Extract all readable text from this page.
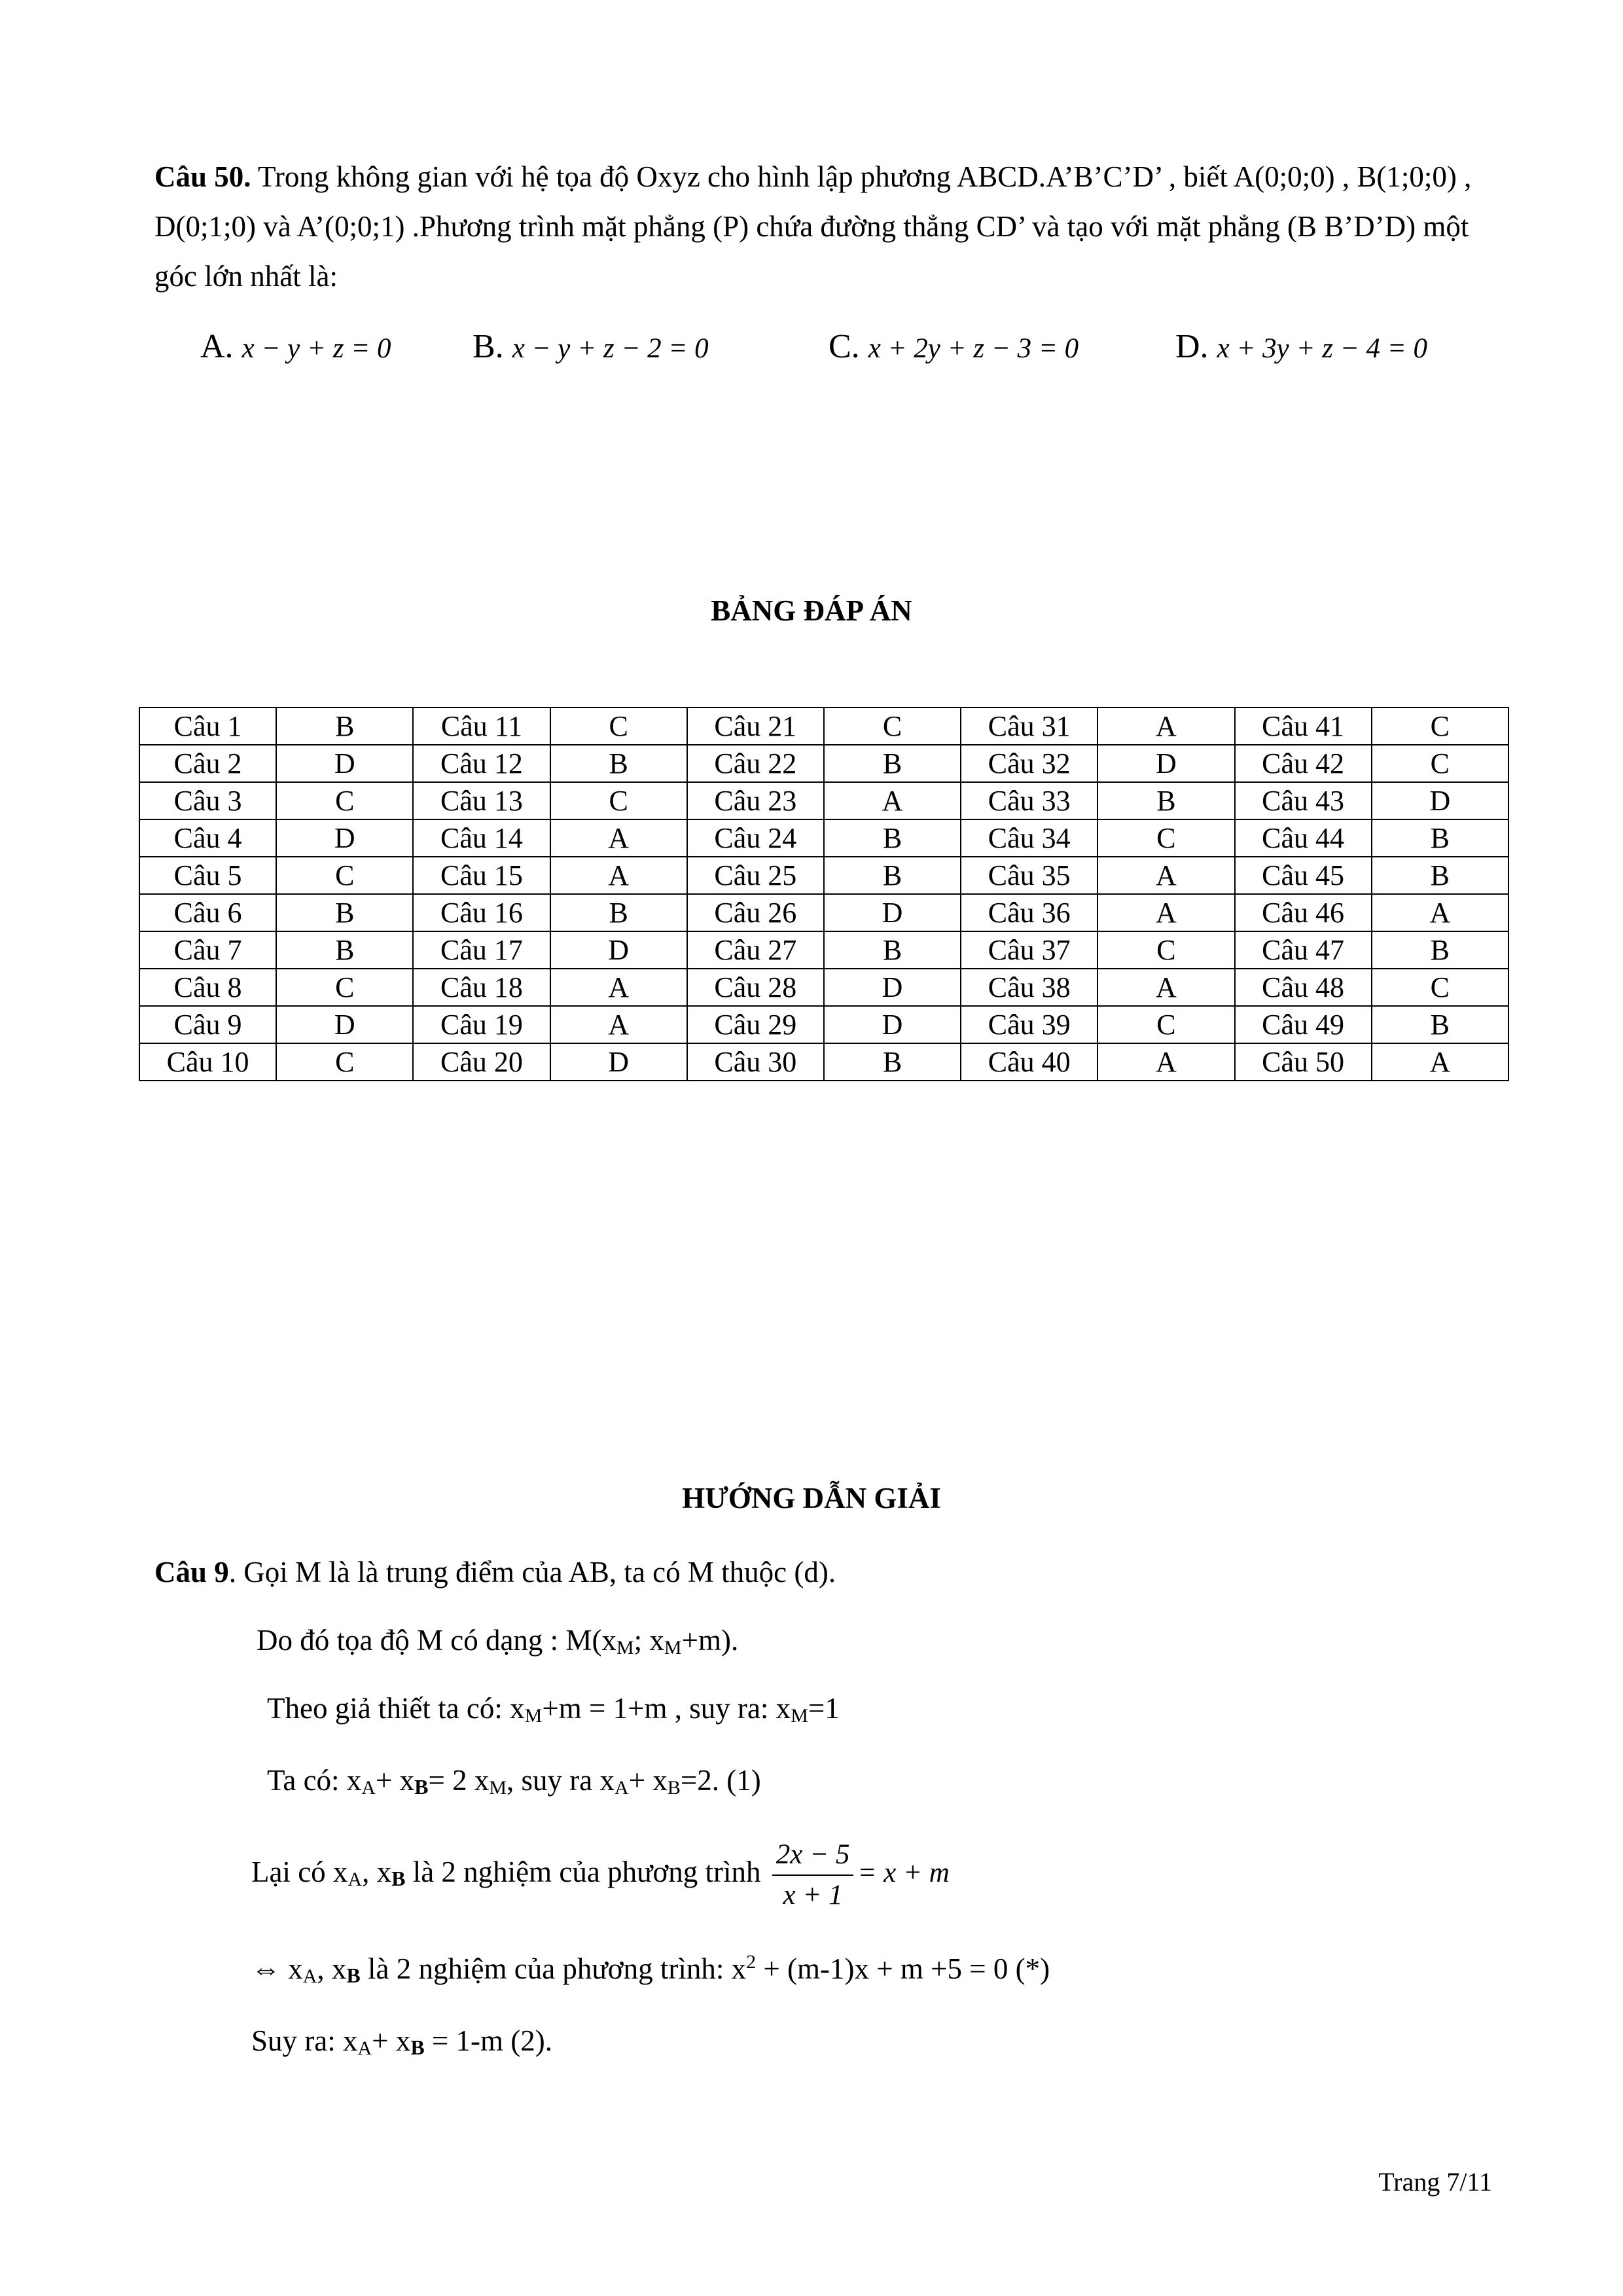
Câu 50. Trong không gian với hệ tọa độ Oxyz cho hình lập phương ABCD.A’B’C’D’ , biết A(0;0;0) , B(1;0;0) , D(0;1;0) và A’(0;0;1) .Phương trình mặt phẳng (P) chứa đường thẳng CD’ và tạo với mặt phẳng (B B’D’D) một góc lớn nhất là:
A. x − y + z = 0 B. x − y + z − 2 = 0	C. x + 2y + z − 3 = 0	D. x + 3y + z − 4 = 0
BẢNG ĐÁP ÁN
Câu 1	B	Câu 11	C	Câu 21	C	Câu 31	A	Câu 41	C
Câu 2	D	Câu 12	B	Câu 22	B	Câu 32	D	Câu 42	C
Câu 3	C	Câu 13	C	Câu 23	A	Câu 33	B	Câu 43	D
Câu 4	D	Câu 14	A	Câu 24	B	Câu 34	C	Câu 44	B
Câu 5	C	Câu 15	A	Câu 25	B	Câu 35	A	Câu 45	B
Câu 6	B	Câu 16	B	Câu 26	D	Câu 36	A	Câu 46	A
Câu 7	B	Câu 17	D	Câu 27	B	Câu 37	C	Câu 47	B
Câu 8	C	Câu 18	A	Câu 28	D	Câu 38	A	Câu 48	C
Câu 9	D	Câu 19	A	Câu 29	D	Câu 39	C	Câu 49	B
Câu 10	C	Câu 20	D	Câu 30	B	Câu 40	A	Câu 50	A
HƯỚNG DẪN GIẢI
Câu 9. Gọi M là là trung điểm của AB, ta có M thuộc (d).
Do đó tọa độ M có dạng : $M(x_M$; $x_M+m$).
Theo giả thiết ta có: $x_M+m = 1+m$ , suy ra: $x_M=1$
Ta có: $x_A+ xB= 2$ $x_M$, suy ra $x_A+ x_B=2$. (1)
Lại có $x_A$, xB là 2 nghiệm của phương trình $\frac{2x - 5}{x + 1} = x + m$
⇔ $x_A$, xB là 2 nghiệm của phương trình: $x^2 + (m-1)x + m +5 = 0$ (*)
Suy ra: $x_A+$ xB = 1-m (2).
Trang 7/11
